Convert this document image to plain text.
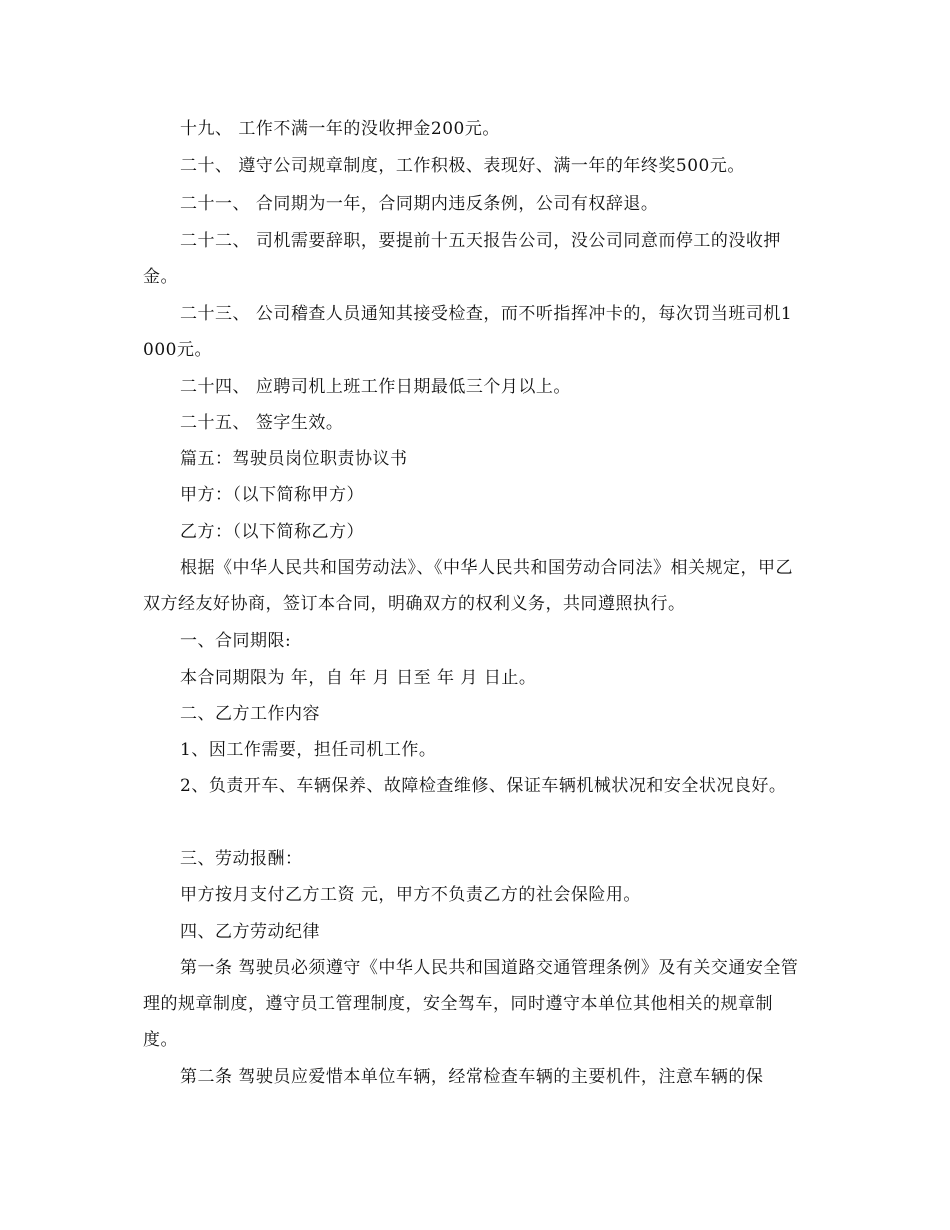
十九、 工作不满一年的没收押金200元。

二十、 遵守公司规章制度，工作积极、表现好、满一年的年终奖500元。

二十一、 合同期为一年，合同期内违反条例，公司有权辞退。

二十二、 司机需要辞职，要提前十五天报告公司，没公司同意而停工的没收押金。

二十三、 公司稽查人员通知其接受检查，而不听指挥冲卡的，每次罚当班司机1000元。

二十四、 应聘司机上班工作日期最低三个月以上。

二十五、 签字生效。

篇五：驾驶员岗位职责协议书

甲方：（以下简称甲方）

乙方：（以下简称乙方）

根据《中华人民共和国劳动法》、《中华人民共和国劳动合同法》相关规定，甲乙双方经友好协商，签订本合同，明确双方的权利义务，共同遵照执行。

一、合同期限:

本合同期限为 年，自 年 月 日至 年 月 日止。

二、乙方工作内容

1、因工作需要，担任司机工作。

2、负责开车、车辆保养、故障检查维修、保证车辆机械状况和安全状况良好。

三、劳动报酬：

甲方按月支付乙方工资 元，甲方不负责乙方的社会保险用。

四、乙方劳动纪律

第一条 驾驶员必须遵守《中华人民共和国道路交通管理条例》及有关交通安全管理的规章制度，遵守员工管理制度，安全驾车，同时遵守本单位其他相关的规章制度。

第二条 驾驶员应爱惜本单位车辆，经常检查车辆的主要机件，注意车辆的保
